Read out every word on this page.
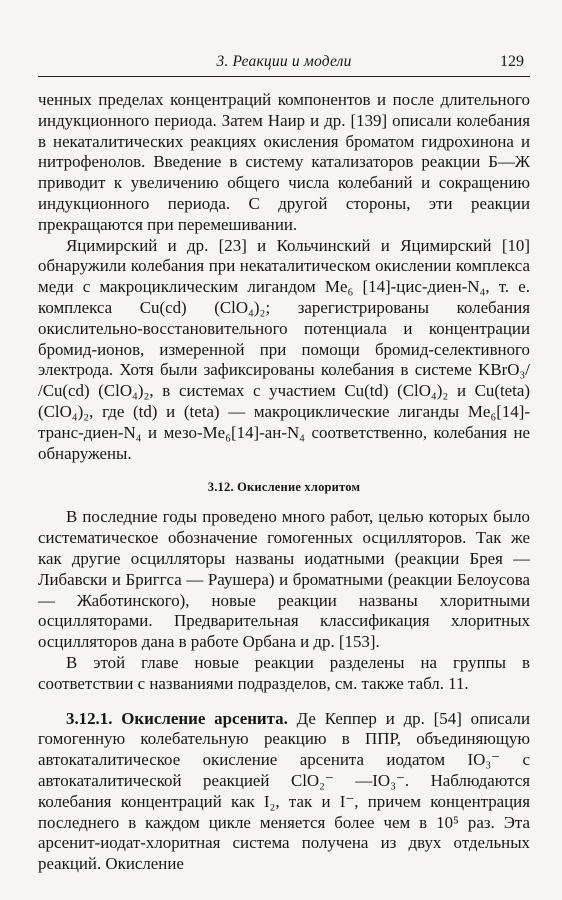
3. Реакции и модели	129

ченных пределах концентраций компонентов и после длительного индукционного периода. Затем Наир и др. [139] описали колебания в некаталитических реакциях окисления броматом гидрохинона и нитрофенолов. Введение в систему катализаторов реакции Б—Ж приводит к увеличению общего числа колебаний и сокращению индукционного периода. С другой стороны, эти реакции прекращаются при перемешивании.

Яцимирский и др. [23] и Кольчинский и Яцимирский [10] обнаружили колебания при некаталитическом окислении комплекса меди с макроциклическим лигандом Me₆ [14]-цис-диен-N₄, т. е. комплекса Cu(cd) (ClO₄)₂; зарегистрированы колебания окислительно-восстановительного потенциала и концентрации бромид-ионов, измеренной при помощи бромид-селективного электрода. Хотя были зафиксированы колебания в системе KBrO₃/ /Cu(cd) (ClO₄)₂, в системах с участием Cu(td) (ClO₄)₂ и Cu(teta) (ClO₄)₂, где (td) и (teta) — макроциклические лиганды Me₆[14]-транс-диен-N₄ и мезо-Me₆[14]-ан-N₄ соответственно, колебания не обнаружены.

3.12. Окисление хлоритом

В последние годы проведено много работ, целью которых было систематическое обозначение гомогенных осцилляторов. Так же как другие осцилляторы названы иодатными (реакции Брея — Либавски и Бриггса — Раушера) и броматными (реакции Белоусова — Жаботинского), новые реакции названы хлоритными осцилляторами. Предварительная классификация хлоритных осцилляторов дана в работе Орбана и др. [153].

В этой главе новые реакции разделены на группы в соответствии с названиями подразделов, см. также табл. 11.

3.12.1. Окисление арсенита. Де Кеппер и др. [54] описали гомогенную колебательную реакцию в ППР, объединяющую автокаталитическое окисление арсенита иодатом IO₃⁻ с автокаталитической реакцией ClO₂⁻ —IO₃⁻. Наблюдаются колебания концентраций как I₂, так и I⁻, причем концентрация последнего в каждом цикле меняется более чем в 10⁵ раз. Эта арсенит-иодат-хлоритная система получена из двух отдельных реакций. Окисление
